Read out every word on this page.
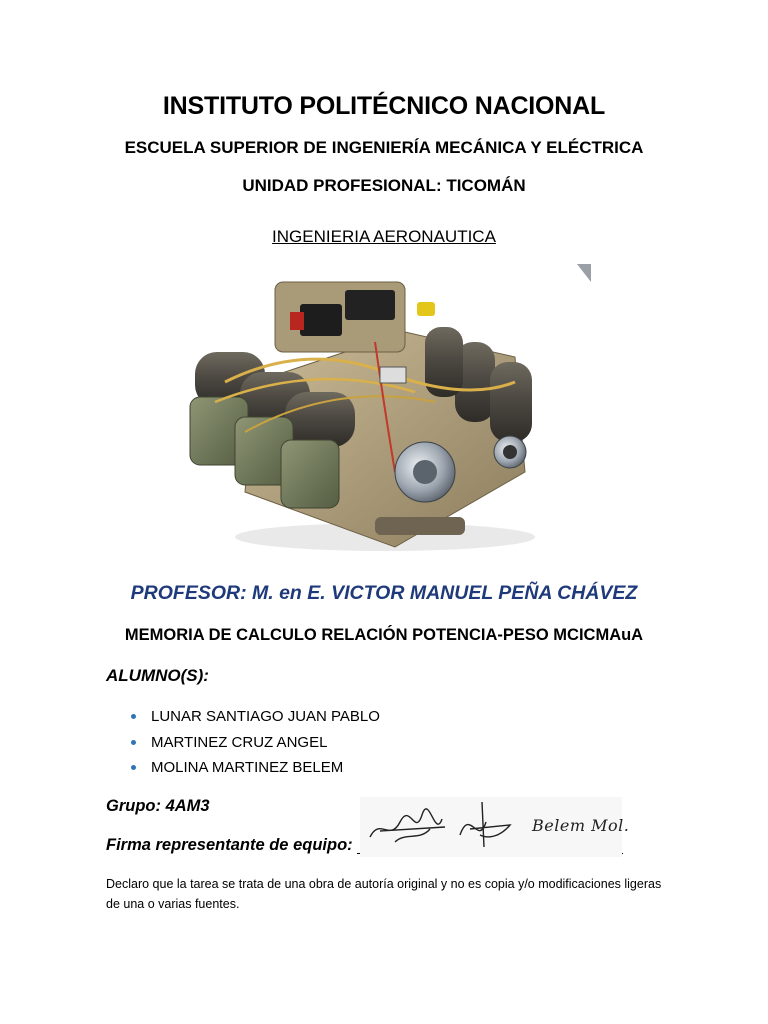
INSTITUTO POLITÉCNICO NACIONAL
ESCUELA SUPERIOR DE INGENIERÍA MECÁNICA Y ELÉCTRICA
UNIDAD PROFESIONAL: TICOMÁN
INGENIERIA AERONAUTICA
PROFESOR: M. en E. VICTOR MANUEL PEÑA CHÁVEZ
MEMORIA DE CALCULO RELACIÓN POTENCIA-PESO MCICMAuA
ALUMNO(S):
LUNAR SANTIAGO JUAN PABLO
MARTINEZ CRUZ ANGEL
MOLINA MARTINEZ BELEM
Grupo: 4AM3
Firma representante de equipo:
Belem Mol.
Declaro que la tarea se trata de una obra de autoría original y no es copia y/o modificaciones ligeras de una o varias fuentes.
